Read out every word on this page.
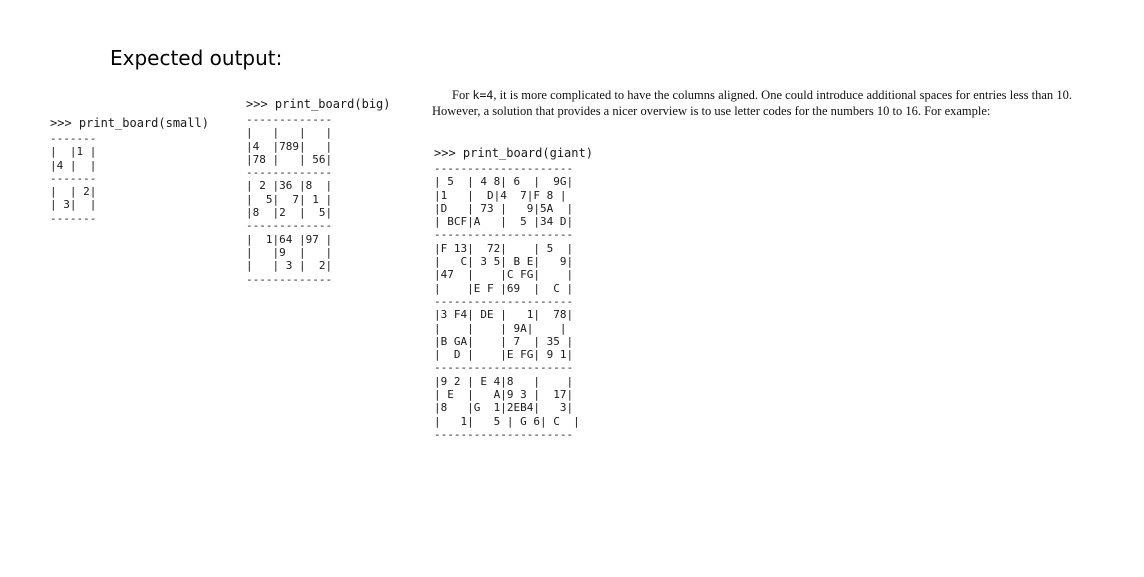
Expected output:
>>> print_board(small)
-------
|  |1 |
|4 |  |
-------
|  | 2|
| 3|  |
-------
>>> print_board(big)
-------------
|   |   |   |
|4  |789|   |
|78 |   | 56|
-------------
| 2 |36 |8  |
|  5|  7| 1 |
|8  |2  |  5|
-------------
|  1|64 |97 |
|   |9  |   |
|   | 3 |  2|
-------------

For k=4, it is more complicated to have the columns aligned. One could introduce additional spaces for entries less than 10. However, a solution that provides a nicer overview is to use letter codes for the numbers 10 to 16. For example:

>>> print_board(giant)
---------------------
| 5  | 4 8| 6  |  9G|
|1   |  D|4  7|F 8 |
|D   | 73 |   9|5A  |
| BCF|A   |  5 |34 D|
---------------------
|F 13|  72|    | 5  |
|   C| 3 5| B E|   9|
|47  |    |C FG|    |
|    |E F |69  |  C |
---------------------
|3 F4| DE |   1|  78|
|    |    | 9A|    |
|B GA|    | 7  | 35 |
|  D |    |E FG| 9 1|
---------------------
|9 2 | E 4|8   |    |
| E  |   A|9 3 |  17|
|8   |G  1|2EB4|   3|
|   1|   5 | G 6| C  |
---------------------
